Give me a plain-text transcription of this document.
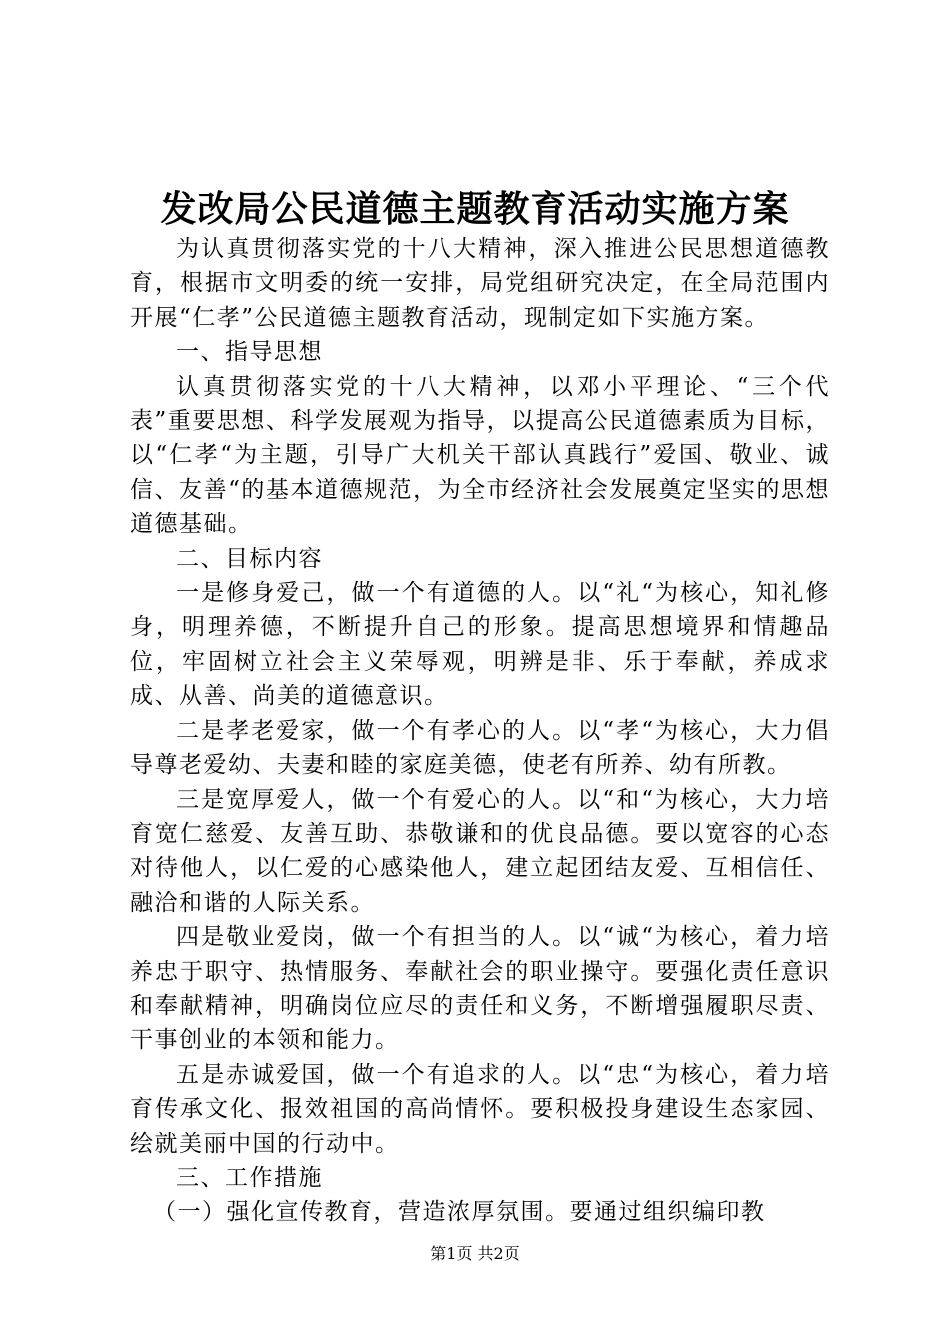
发改局公民道德主题教育活动实施方案

为认真贯彻落实党的十八大精神，深入推进公民思想道德教育，根据市文明委的统一安排，局党组研究决定，在全局范围内开展“仁孝”公民道德主题教育活动，现制定如下实施方案。

一、指导思想

认真贯彻落实党的十八大精神，以邓小平理论、“三个代表”重要思想、科学发展观为指导，以提高公民道德素质为目标，以“仁孝“为主题，引导广大机关干部认真践行”爱国、敬业、诚信、友善“的基本道德规范，为全市经济社会发展奠定坚实的思想道德基础。

二、目标内容

一是修身爱己，做一个有道德的人。以“礼“为核心，知礼修身，明理养德，不断提升自己的形象。提高思想境界和情趣品位，牢固树立社会主义荣辱观，明辨是非、乐于奉献，养成求成、从善、尚美的道德意识。

二是孝老爱家，做一个有孝心的人。以“孝“为核心，大力倡导尊老爱幼、夫妻和睦的家庭美德，使老有所养、幼有所教。

三是宽厚爱人，做一个有爱心的人。以“和“为核心，大力培育宽仁慈爱、友善互助、恭敬谦和的优良品德。要以宽容的心态对待他人，以仁爱的心感染他人，建立起团结友爱、互相信任、融洽和谐的人际关系。

四是敬业爱岗，做一个有担当的人。以“诚“为核心，着力培养忠于职守、热情服务、奉献社会的职业操守。要强化责任意识和奉献精神，明确岗位应尽的责任和义务，不断增强履职尽责、干事创业的本领和能力。

五是赤诚爱国，做一个有追求的人。以“忠“为核心，着力培育传承文化、报效祖国的高尚情怀。要积极投身建设生态家园、绘就美丽中国的行动中。

三、工作措施

（一）强化宣传教育，营造浓厚氛围。要通过组织编印教

第1页 共2页
